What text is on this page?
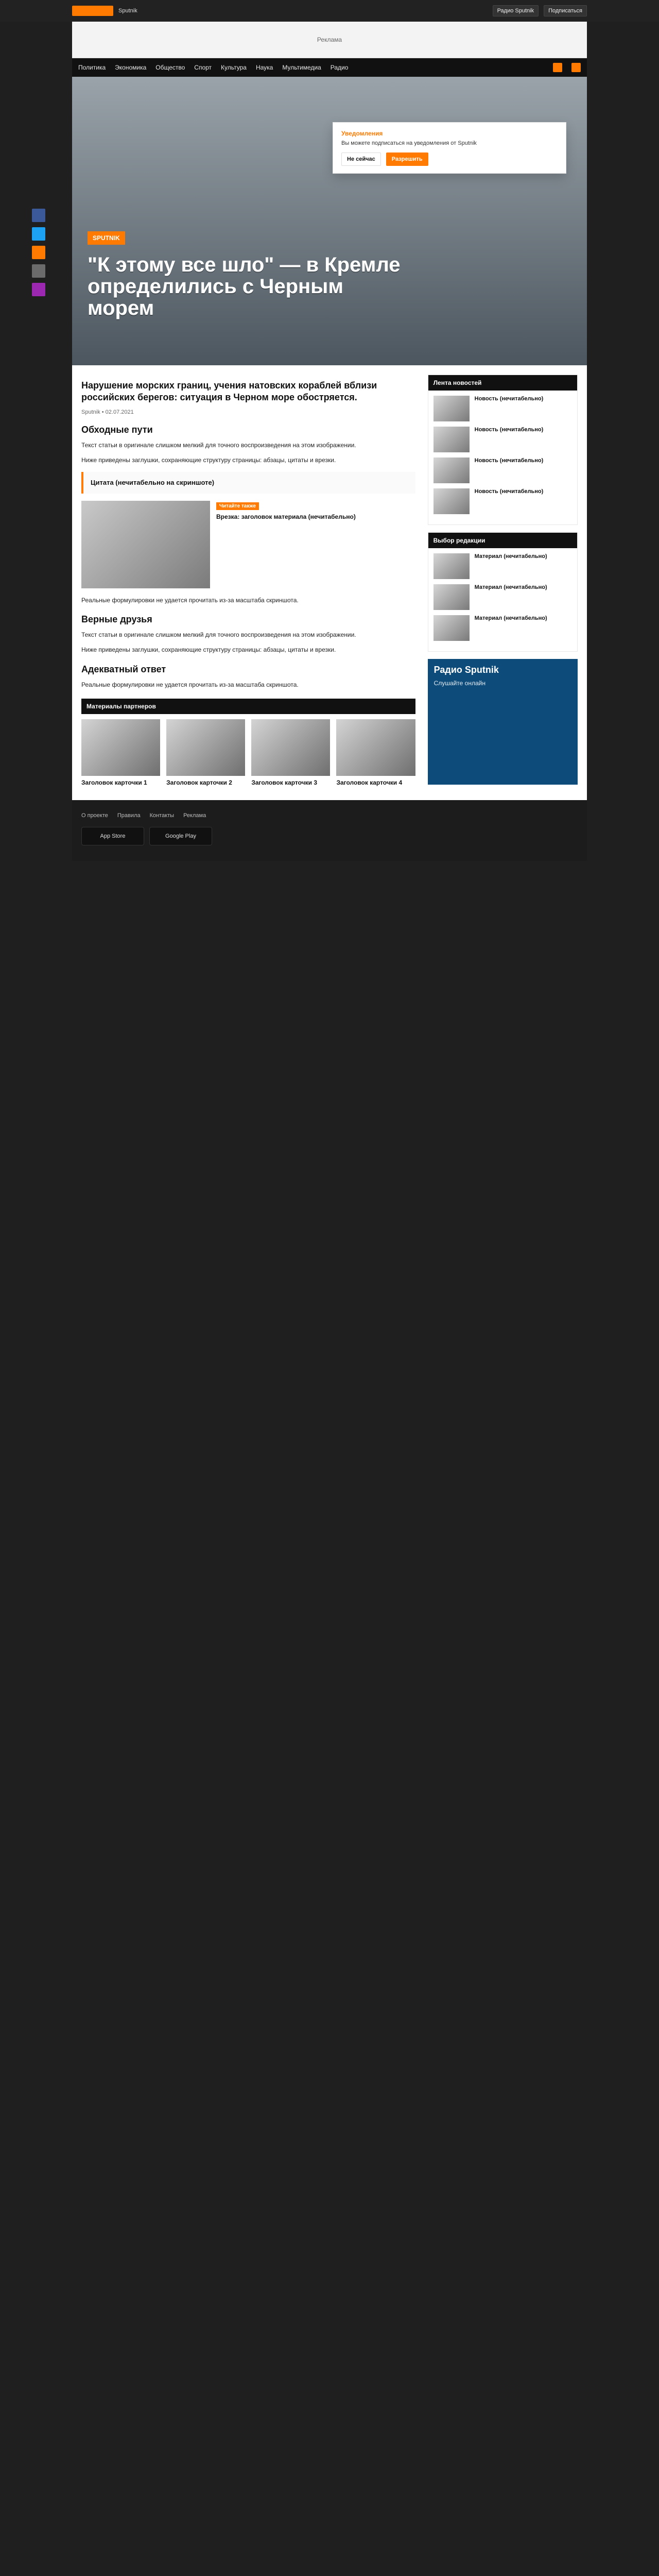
Sputnik	Радио Sputnik	Подписаться
Реклама
Политика Экономика Общество Спорт Культура Наука Мультимедиа Радио
SPUTNIK
"К этому все шло" — в Кремле определились с Черным морем
Уведомления
Вы можете подписаться на уведомления от Sputnik
Не сейчас	Разрешить
Нарушение морских границ, учения натовских кораблей вблизи российских берегов: ситуация в Черном море обостряется.
Sputnik • 02.07.2021
Обходные пути

Текст статьи в оригинале слишком мелкий для точного воспроизведения на этом изображении.

Ниже приведены заглушки, сохраняющие структуру страницы: абзацы, цитаты и врезки.

Цитата (нечитабельно на скриншоте)
Читайте также
Врезка: заголовок материала (нечитабельно)

Реальные формулировки не удается прочитать из-за масштаба скриншота.

Верные друзья

Текст статьи в оригинале слишком мелкий для точного воспроизведения на этом изображении.

Ниже приведены заглушки, сохраняющие структуру страницы: абзацы, цитаты и врезки.

Адекватный ответ

Реальные формулировки не удается прочитать из-за масштаба скриншота.

Материалы партнеров
Заголовок карточки 1	Заголовок карточки 2	Заголовок карточки 3	Заголовок карточки 4
Лента новостей
Новость (нечитабельно)
Новость (нечитабельно)
Новость (нечитабельно)
Новость (нечитабельно)
Выбор редакции
Материал (нечитабельно)
Материал (нечитабельно)
Материал (нечитабельно)
Радио Sputnik
Слушайте онлайн
О проекте Правила Контакты Реклама
App Store	Google Play
